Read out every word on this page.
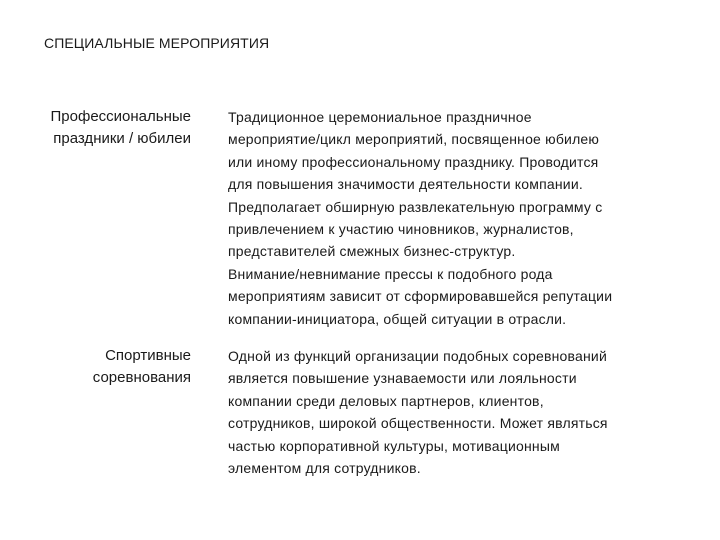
СПЕЦИАЛЬНЫЕ МЕРОПРИЯТИЯ
Профессиональные
праздники / юбилеи
Традиционное церемониальное праздничное
мероприятие/цикл мероприятий, посвященное юбилею
или иному профессиональному празднику. Проводится
для повышения значимости деятельности компании.
Предполагает обширную развлекательную программу с
привлечением к участию чиновников, журналистов,
представителей смежных бизнес-структур.
Внимание/невнимание прессы к подобного рода
мероприятиям зависит от сформировавшейся репутации
компании-инициатора, общей ситуации в отрасли.
Спортивные
соревнования
Одной из функций организации подобных соревнований
является повышение узнаваемости или лояльности
компании среди деловых партнеров, клиентов,
сотрудников, широкой общественности. Может являться
частью корпоративной культуры, мотивационным
элементом для сотрудников.
